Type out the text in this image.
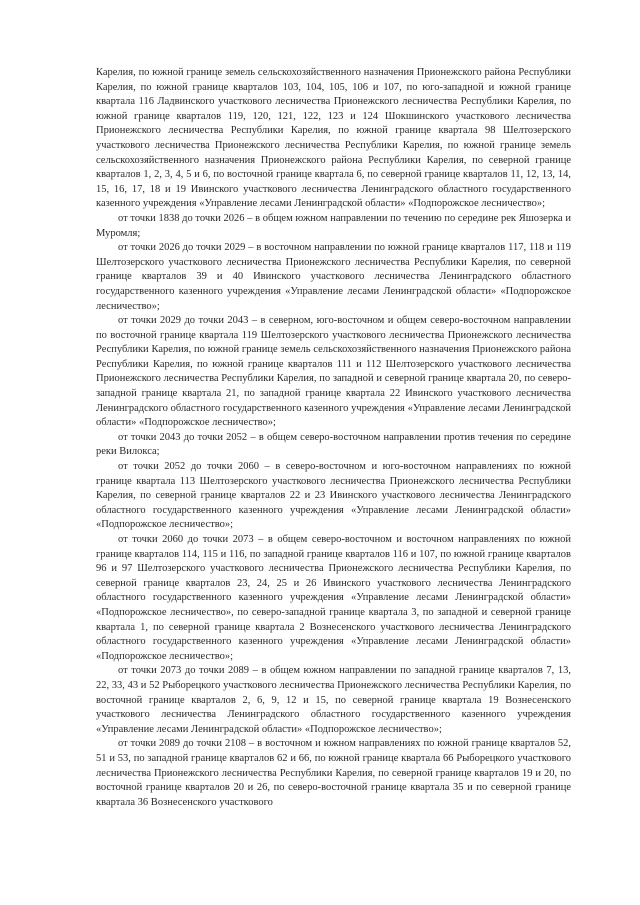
Карелия, по южной границе земель сельскохозяйственного назначения Прионежского района Республики Карелия, по южной границе кварталов 103, 104, 105, 106 и 107, по юго-западной и южной границе квартала 116 Ладвинского участкового лесничества Прионежского лесничества Республики Карелия, по южной границе кварталов 119, 120, 121, 122, 123 и 124 Шокшинского участкового лесничества Прионежского лесничества Республики Карелия, по южной границе квартала 98 Шелтозерского участкового лесничества Прионежского лесничества Республики Карелия, по южной границе земель сельскохозяйственного назначения Прионежского района Республики Карелия, по северной границе кварталов 1, 2, 3, 4, 5 и 6, по восточной границе квартала 6, по северной границе кварталов 11, 12, 13, 14, 15, 16, 17, 18 и 19 Ивинского участкового лесничества Ленинградского областного государственного казенного учреждения «Управление лесами Ленинградской области» «Подпорожское лесничество»;

от точки 1838 до точки 2026 – в общем южном направлении по течению по середине рек Яшозерка и Муромля;

от точки 2026 до точки 2029 – в восточном направлении по южной границе кварталов 117, 118 и 119 Шелтозерского участкового лесничества Прионежского лесничества Республики Карелия, по северной границе кварталов 39 и 40 Ивинского участкового лесничества Ленинградского областного государственного казенного учреждения «Управление лесами Ленинградской области» «Подпорожское лесничество»;

от точки 2029 до точки 2043 – в северном, юго-восточном и общем северо-восточном направлении по восточной границе квартала 119 Шелтозерского участкового лесничества Прионежского лесничества Республики Карелия, по южной границе земель сельскохозяйственного назначения Прионежского района Республики Карелия, по южной границе кварталов 111 и 112 Шелтозерского участкового лесничества Прионежского лесничества Республики Карелия, по западной и северной границе квартала 20, по северо-западной границе квартала 21, по западной границе квартала 22 Ивинского участкового лесничества Ленинградского областного государственного казенного учреждения «Управление лесами Ленинградской области» «Подпорожское лесничество»;

от точки 2043 до точки 2052 – в общем северо-восточном направлении против течения по середине реки Вилокса;

от точки 2052 до точки 2060 – в северо-восточном и юго-восточном направлениях по южной границе квартала 113 Шелтозерского участкового лесничества Прионежского лесничества Республики Карелия, по северной границе кварталов 22 и 23 Ивинского участкового лесничества Ленинградского областного государственного казенного учреждения «Управление лесами Ленинградской области» «Подпорожское лесничество»;

от точки 2060 до точки 2073 – в общем северо-восточном и восточном направлениях по южной границе кварталов 114, 115 и 116, по западной границе кварталов 116 и 107, по южной границе кварталов 96 и 97 Шелтозерского участкового лесничества Прионежского лесничества Республики Карелия, по северной границе кварталов 23, 24, 25 и 26 Ивинского участкового лесничества Ленинградского областного государственного казенного учреждения «Управление лесами Ленинградской области» «Подпорожское лесничество», по северо-западной границе квартала 3, по западной и северной границе квартала 1, по северной границе квартала 2 Вознесенского участкового лесничества Ленинградского областного государственного казенного учреждения «Управление лесами Ленинградской области» «Подпорожское лесничество»;

от точки 2073 до точки 2089 – в общем южном направлении по западной границе кварталов 7, 13, 22, 33, 43 и 52 Рыборецкого участкового лесничества Прионежского лесничества Республики Карелия, по восточной границе кварталов 2, 6, 9, 12 и 15, по северной границе квартала 19 Вознесенского участкового лесничества Ленинградского областного государственного казенного учреждения «Управление лесами Ленинградской области» «Подпорожское лесничество»;

от точки 2089 до точки 2108 – в восточном и южном направлениях по южной границе кварталов 52, 51 и 53, по западной границе кварталов 62 и 66, по южной границе квартала 66 Рыборецкого участкового лесничества Прионежского лесничества Республики Карелия, по северной границе кварталов 19 и 20, по восточной границе кварталов 20 и 26, по северо-восточной границе квартала 35 и по северной границе квартала 36 Вознесенского участкового
